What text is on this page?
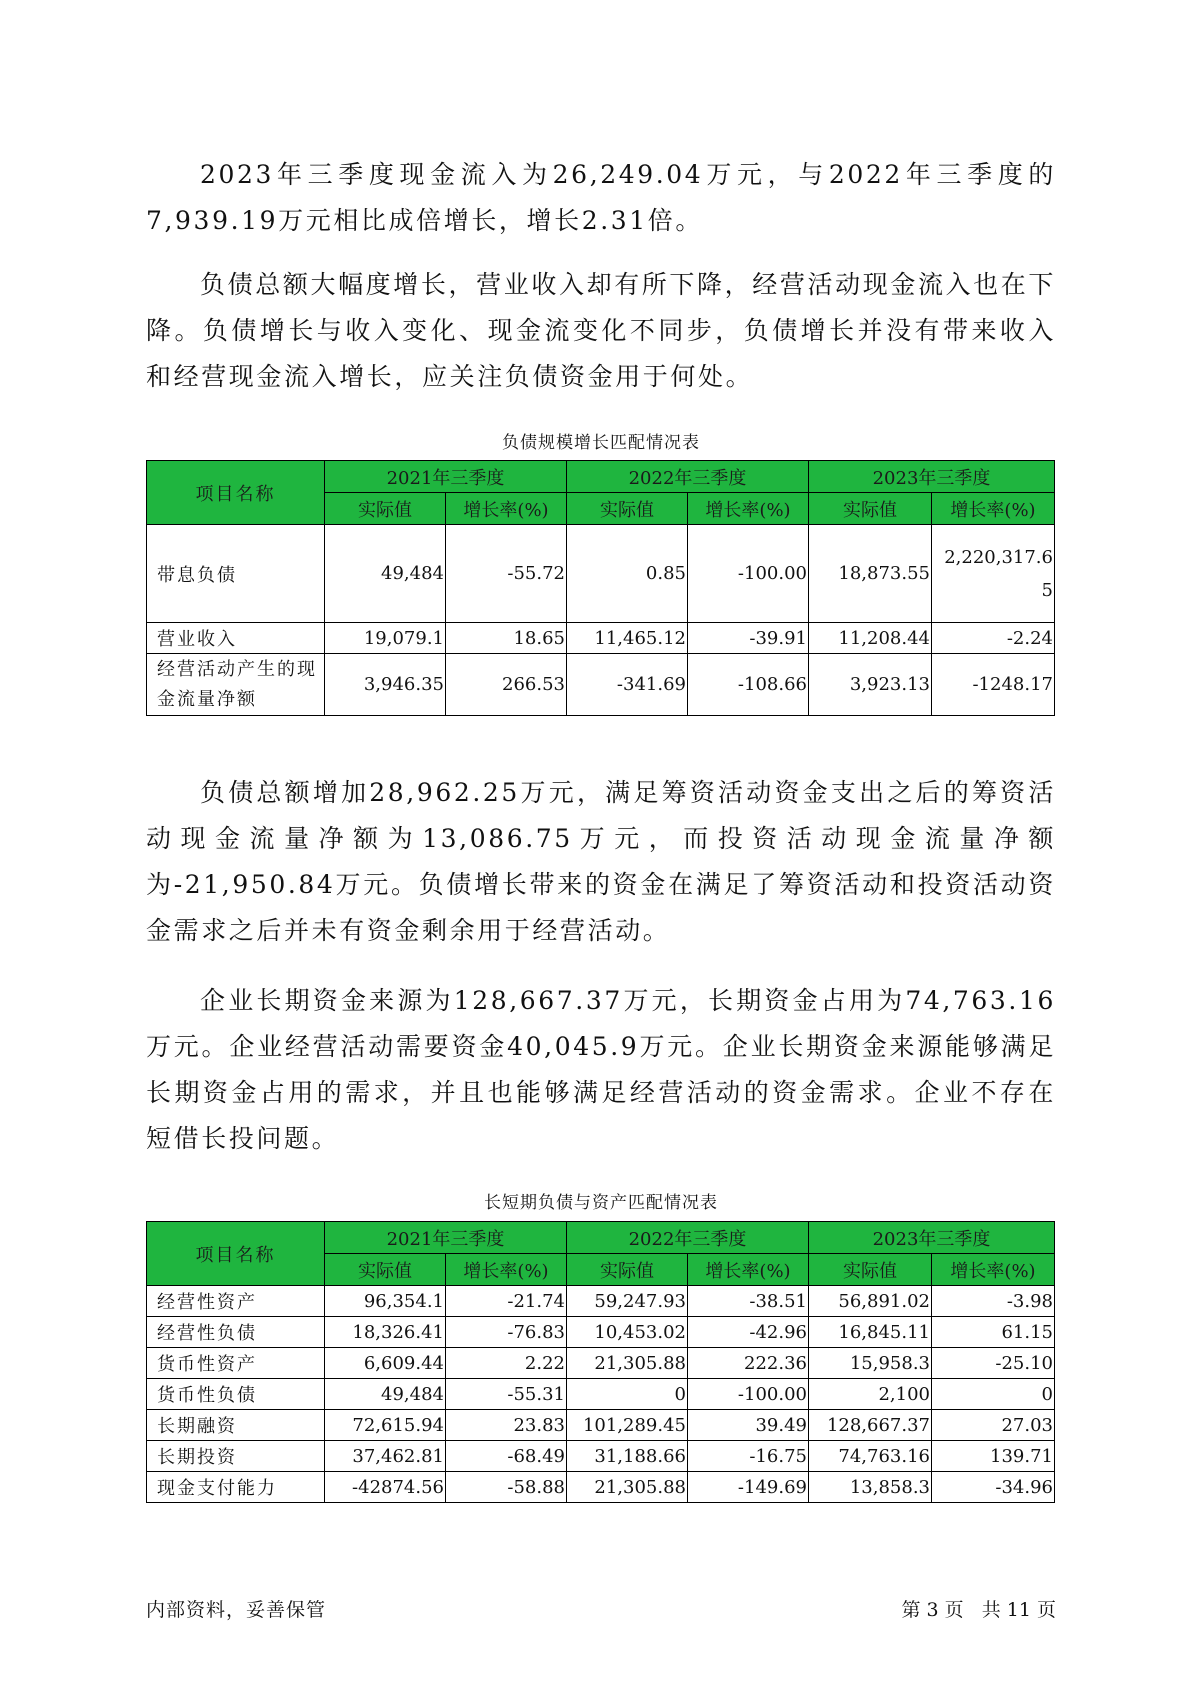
2023年三季度现金流入为26,249.04万元，与2022年三季度的7,939.19万元相比成倍增长，增长2.31倍。

负债总额大幅度增长，营业收入却有所下降，经营活动现金流入也在下降。负债增长与收入变化、现金流变化不同步，负债增长并没有带来收入和经营现金流入增长，应关注负债资金用于何处。

负债规模增长匹配情况表
项目名称	2021年三季度		2022年三季度		2023年三季度	
	实际值	增长率(%)	实际值	增长率(%)	实际值	增长率(%)
带息负债	49,484	-55.72	0.85	-100.00	18,873.55	2,220,317.65
营业收入	19,079.1	18.65	11,465.12	-39.91	11,208.44	-2.24
经营活动产生的现金流量净额	3,946.35	266.53	-341.69	-108.66	3,923.13	-1248.17

负债总额增加28,962.25万元，满足筹资活动资金支出之后的筹资活动现金流量净额为13,086.75万元，而投资活动现金流量净额为-21,950.84万元。负债增长带来的资金在满足了筹资活动和投资活动资金需求之后并未有资金剩余用于经营活动。

企业长期资金来源为128,667.37万元，长期资金占用为74,763.16万元。企业经营活动需要资金40,045.9万元。企业长期资金来源能够满足长期资金占用的需求，并且也能够满足经营活动的资金需求。企业不存在短借长投问题。

长短期负债与资产匹配情况表
项目名称	2021年三季度		2022年三季度		2023年三季度	
	实际值	增长率(%)	实际值	增长率(%)	实际值	增长率(%)
经营性资产	96,354.1	-21.74	59,247.93	-38.51	56,891.02	-3.98
经营性负债	18,326.41	-76.83	10,453.02	-42.96	16,845.11	61.15
货币性资产	6,609.44	2.22	21,305.88	222.36	15,958.3	-25.10
货币性负债	49,484	-55.31	0	-100.00	2,100	0
长期融资	72,615.94	23.83	101,289.45	39.49	128,667.37	27.03
长期投资	37,462.81	-68.49	31,188.66	-16.75	74,763.16	139.71
现金支付能力	-42874.56	-58.88	21,305.88	-149.69	13,858.3	-34.96
内部资料，妥善保管	第 3 页   共 11 页
